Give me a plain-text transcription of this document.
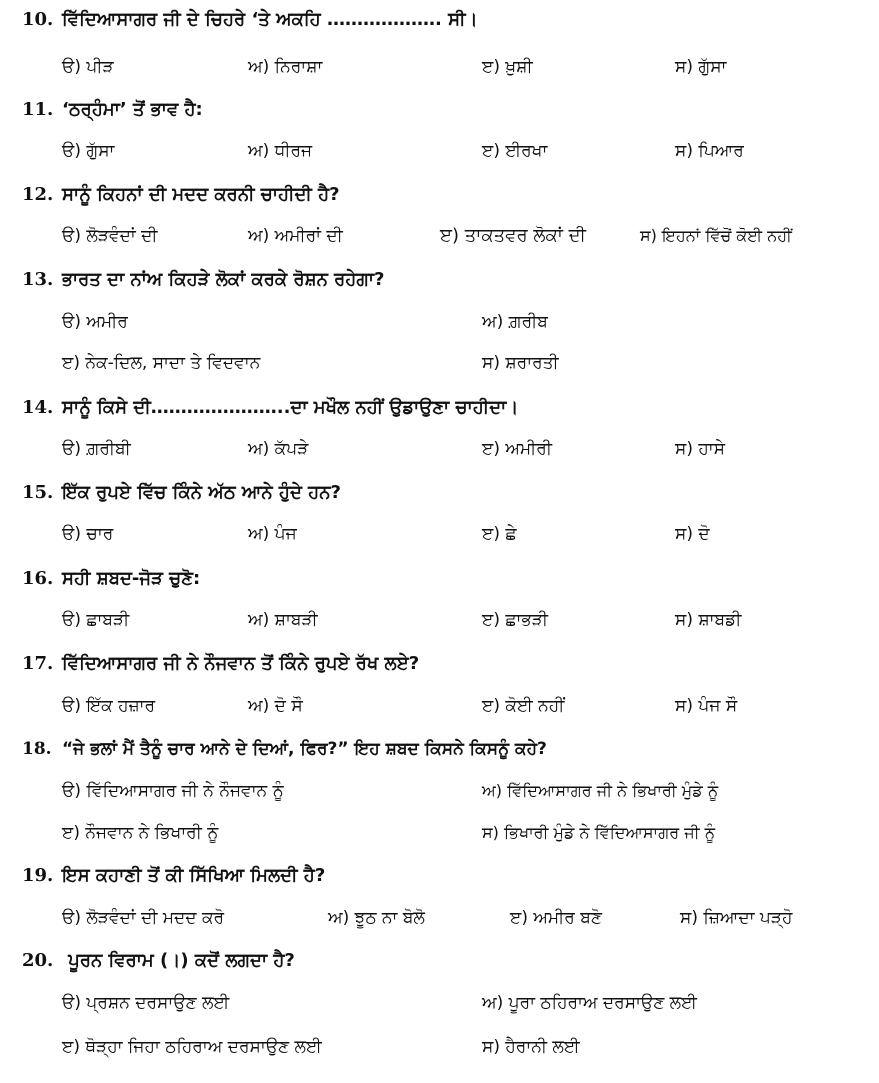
10. ਵਿੱਦਿਆਸਾਗਰ ਜੀ ਦੇ ਚਿਹਰੇ ‘ਤੇ ਅਕਹਿ ………………. ਸੀ।
ੳ) ਪੀੜ	ਅ) ਨਿਰਾਸ਼ਾ	ੲ) ਖ਼ੁਸ਼ੀ	ਸ) ਗੁੱਸਾ
11. ‘ਠਰ੍ਹੰਮਾ’ ਤੋਂ ਭਾਵ ਹੈ:
ੳ) ਗੁੱਸਾ	ਅ) ਧੀਰਜ	ੲ) ਈਰਖਾ	ਸ) ਪਿਆਰ
12. ਸਾਨੂੰ ਕਿਹਨਾਂ ਦੀ ਮਦਦ ਕਰਨੀ ਚਾਹੀਦੀ ਹੈ?
ੳ) ਲੋੜਵੰਦਾਂ ਦੀ	ਅ) ਅਮੀਰਾਂ ਦੀ	ੲ) ਤਾਕਤਵਰ ਲੋਕਾਂ ਦੀ	ਸ) ਇਹਨਾਂ ਵਿੱਚੋਂ ਕੋਈ ਨਹੀਂ
13. ਭਾਰਤ ਦਾ ਨਾਂਅ ਕਿਹੜੇ ਲੋਕਾਂ ਕਰਕੇ ਰੋਸ਼ਨ ਰਹੇਗਾ?
ੳ) ਅਮੀਰ	ਅ) ਗ਼ਰੀਬ
ੲ) ਨੇਕ-ਦਿਲ, ਸਾਦਾ ਤੇ ਵਿਦਵਾਨ	ਸ) ਸ਼ਰਾਰਤੀ
14. ਸਾਨੂੰ ਕਿਸੇ ਦੀ…………………..ਦਾ ਮਖੌਲ ਨਹੀਂ ਉਡਾਉਣਾ ਚਾਹੀਦਾ।
ੳ) ਗ਼ਰੀਬੀ	ਅ) ਕੱਪੜੇ	ੲ) ਅਮੀਰੀ	ਸ) ਹਾਸੇ
15. ਇੱਕ ਰੁਪਏ ਵਿੱਚ ਕਿੰਨੇ ਅੱਠ ਆਨੇ ਹੁੰਦੇ ਹਨ?
ੳ) ਚਾਰ	ਅ) ਪੰਜ	ੲ) ਛੇ	ਸ) ਦੋ
16. ਸਹੀ ਸ਼ਬਦ-ਜੋੜ ਚੁਣੋ:
ੳ) ਛਾਬੜੀ	ਅ) ਸ਼ਾਬੜੀ	ੲ) ਛਾਭੜੀ	ਸ) ਸ਼ਾਬਡੀ
17. ਵਿੱਦਿਆਸਾਗਰ ਜੀ ਨੇ ਨੌਜਵਾਨ ਤੋਂ ਕਿੰਨੇ ਰੁਪਏ ਰੱਖ ਲਏ?
ੳ) ਇੱਕ ਹਜ਼ਾਰ	ਅ) ਦੋ ਸੌ	ੲ) ਕੋਈ ਨਹੀਂ	ਸ) ਪੰਜ ਸੌ
18. “ਜੇ ਭਲਾਂ ਮੈਂ ਤੈਨੂੰ ਚਾਰ ਆਨੇ ਦੇ ਦਿਆਂ, ਫਿਰ?” ਇਹ ਸ਼ਬਦ ਕਿਸਨੇ ਕਿਸਨੂੰ ਕਹੇ?
ੳ) ਵਿੱਦਿਆਸਾਗਰ ਜੀ ਨੇ ਨੌਜਵਾਨ ਨੂੰ	ਅ) ਵਿੱਦਿਆਸਾਗਰ ਜੀ ਨੇ ਭਿਖਾਰੀ ਮੁੰਡੇ ਨੂੰ
ੲ) ਨੌਜਵਾਨ ਨੇ ਭਿਖਾਰੀ ਨੂੰ	ਸ) ਭਿਖਾਰੀ ਮੁੰਡੇ ਨੇ ਵਿੱਦਿਆਸਾਗਰ ਜੀ ਨੂੰ
19. ਇਸ ਕਹਾਣੀ ਤੋਂ ਕੀ ਸਿੱਖਿਆ ਮਿਲਦੀ ਹੈ?
ੳ) ਲੋੜਵੰਦਾਂ ਦੀ ਮਦਦ ਕਰੋ	ਅ) ਝੂਠ ਨਾ ਬੋਲੋ	ੲ) ਅਮੀਰ ਬਣੋ	ਸ) ਜ਼ਿਆਦਾ ਪੜ੍ਹੋ
20. ਪੂਰਨ ਵਿਰਾਮ (।) ਕਦੋਂ ਲਗਦਾ ਹੈ?
ੳ) ਪ੍ਰਸ਼ਨ ਦਰਸਾਉਣ ਲਈ	ਅ) ਪੂਰਾ ਠਹਿਰਾਅ ਦਰਸਾਉਣ ਲਈ
ੲ) ਥੋੜ੍ਹਾ ਜਿਹਾ ਠਹਿਰਾਅ ਦਰਸਾਉਣ ਲਈ	ਸ) ਹੈਰਾਨੀ ਲਈ
